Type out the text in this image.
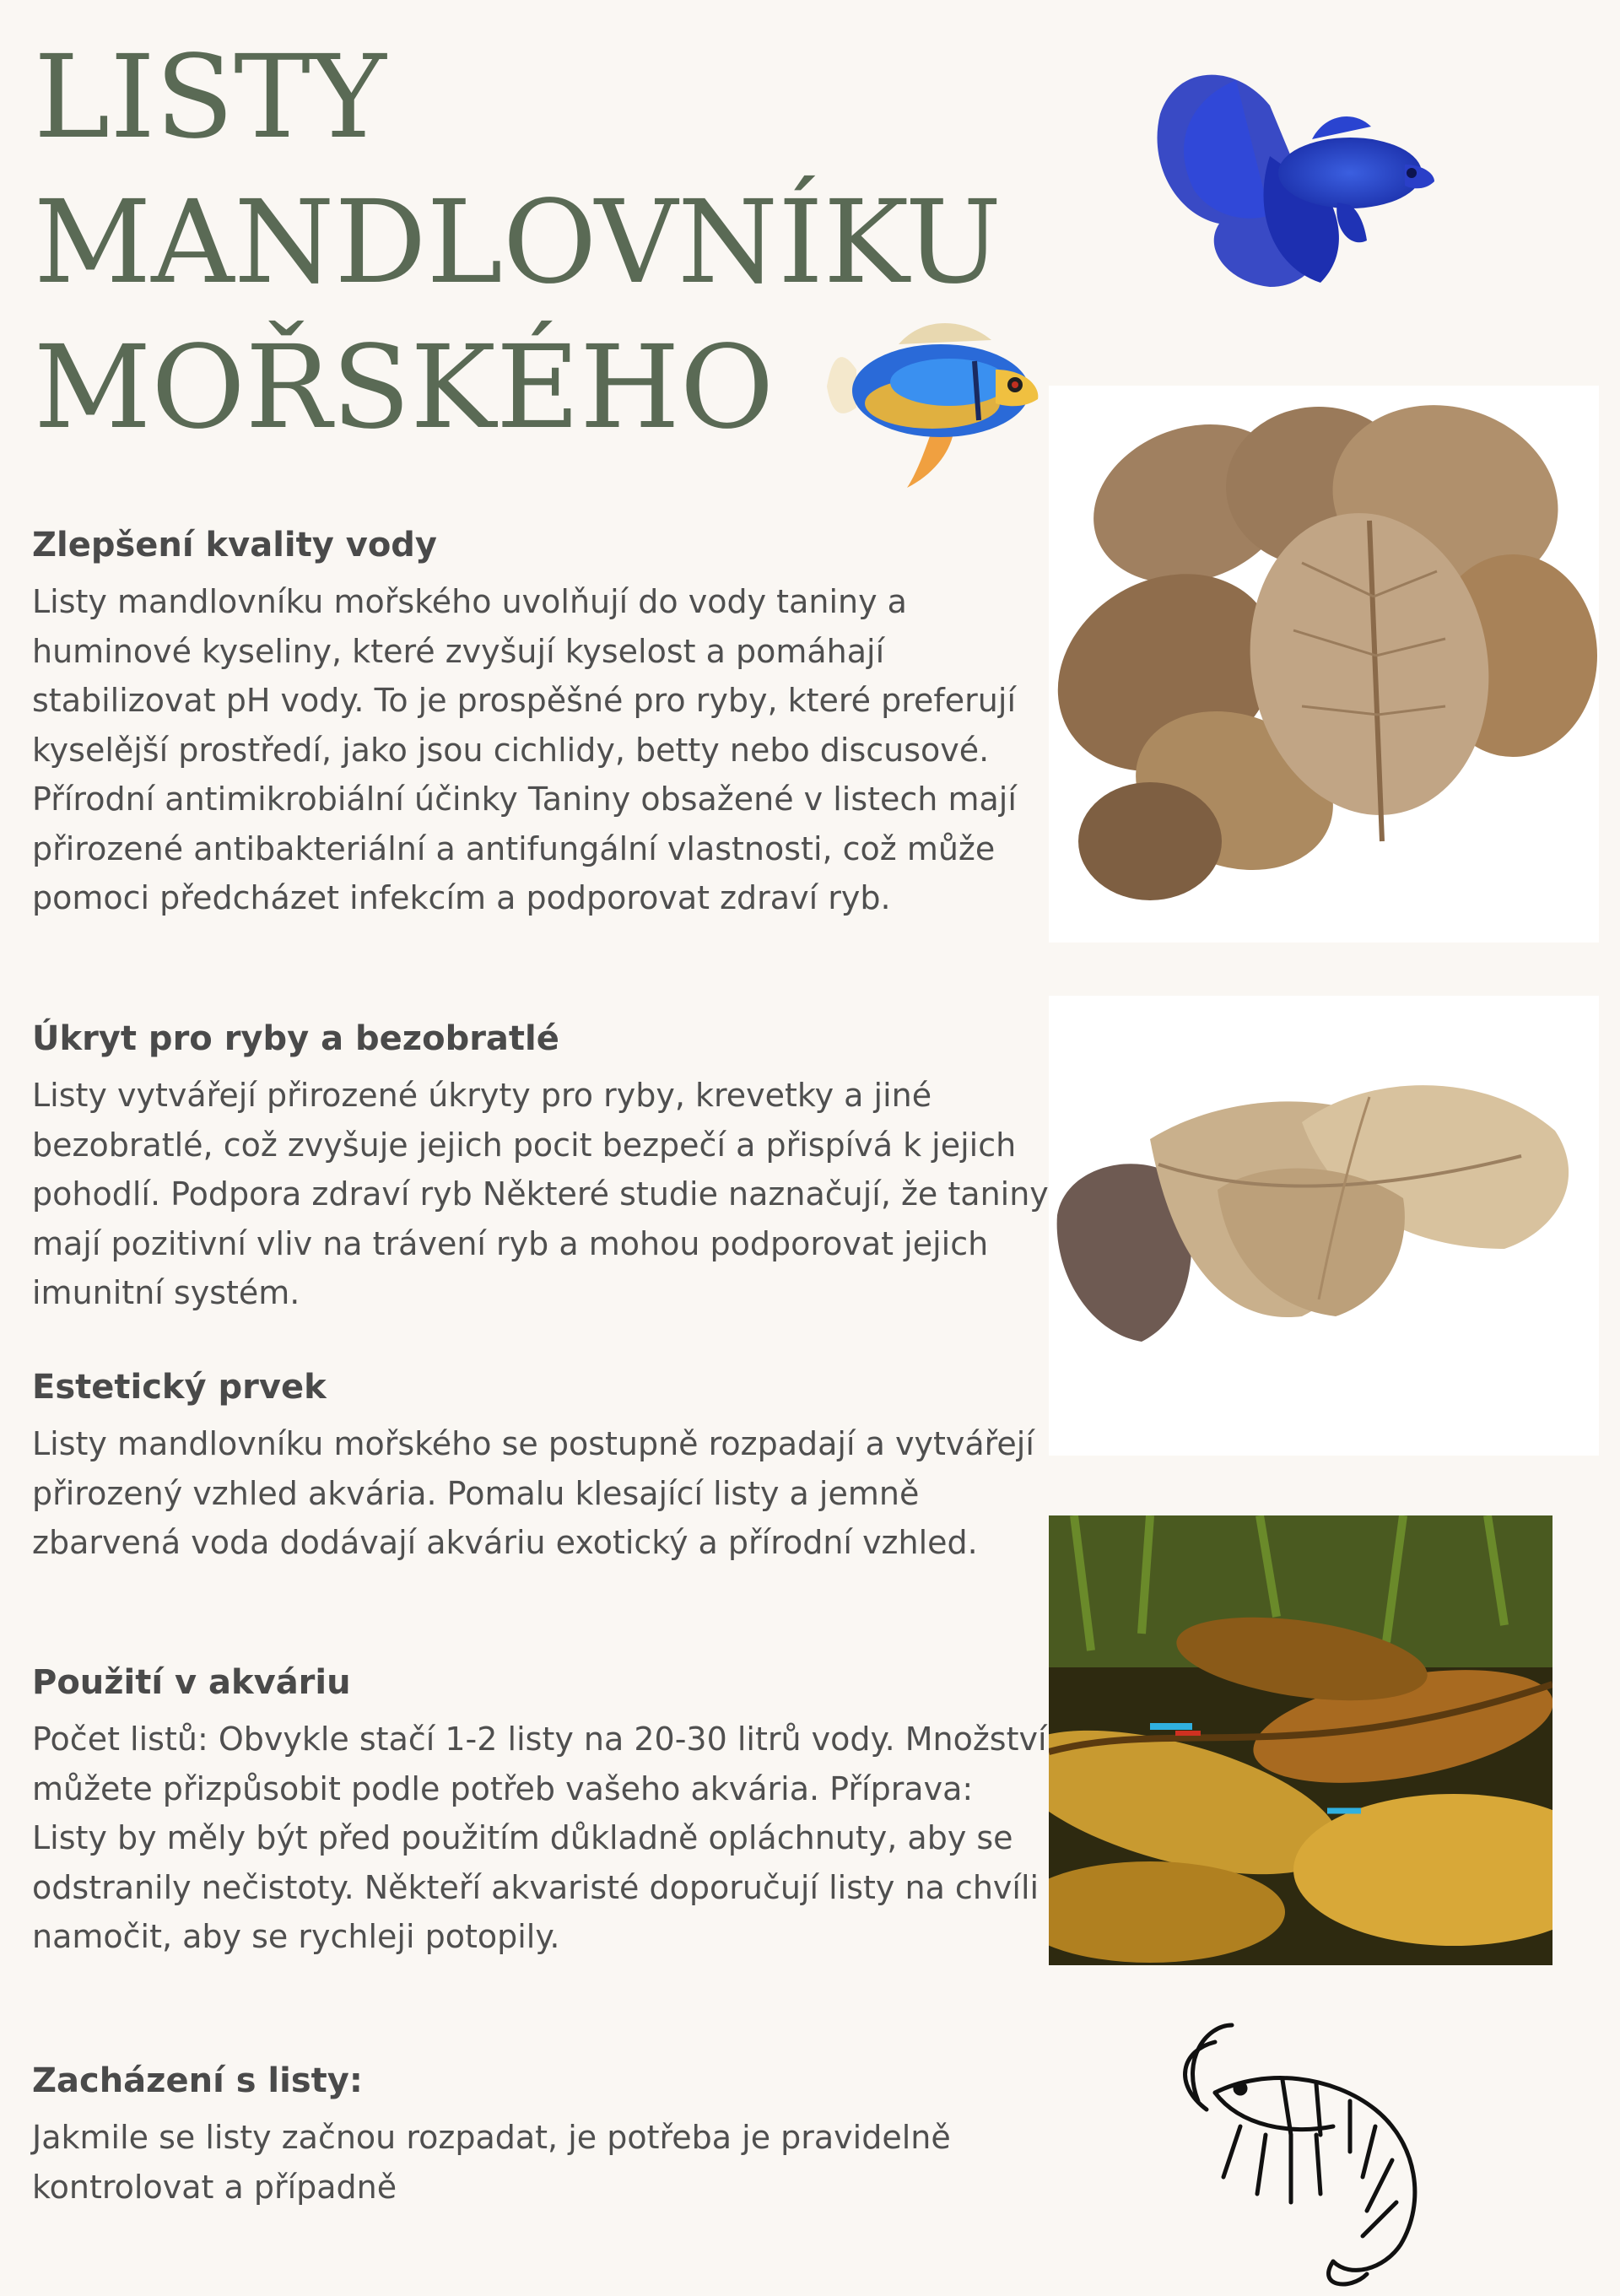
LISTY
MANDLOVNÍKU
MOŘSKÉHO
Zlepšení kvality vody

Listy mandlovníku mořského uvolňují do vody taniny a huminové kyseliny, které zvyšují kyselost a pomáhají stabilizovat pH vody. To je prospěšné pro ryby, které preferují kyselější prostředí, jako jsou cichlidy, betty nebo discusové. Přírodní antimikrobiální účinky Taniny obsažené v listech mají přirozené antibakteriální a antifungální vlastnosti, což může pomoci předcházet infekcím a podporovat zdraví ryb.

Úkryt pro ryby a bezobratlé

Listy vytvářejí přirozené úkryty pro ryby, krevetky a jiné bezobratlé, což zvyšuje jejich pocit bezpečí a přispívá k jejich pohodlí. Podpora zdraví ryb Některé studie naznačují, že taniny mají pozitivní vliv na trávení ryb a mohou podporovat jejich imunitní systém.

Estetický prvek

Listy mandlovníku mořského se postupně rozpadají a vytvářejí přirozený vzhled akvária. Pomalu klesající listy a jemně zbarvená voda dodávají akváriu exotický a přírodní vzhled.

Použití v akváriu

Počet listů: Obvykle stačí 1-2 listy na 20-30 litrů vody. Množství můžete přizpůsobit podle potřeb vašeho akvária. Příprava: Listy by měly být před použitím důkladně opláchnuty, aby se odstranily nečistoty. Někteří akvaristé doporučují listy na chvíli namočit, aby se rychleji potopily.

Zacházení s listy:

Jakmile se listy začnou rozpadat, je potřeba je pravidelně kontrolovat a případně
